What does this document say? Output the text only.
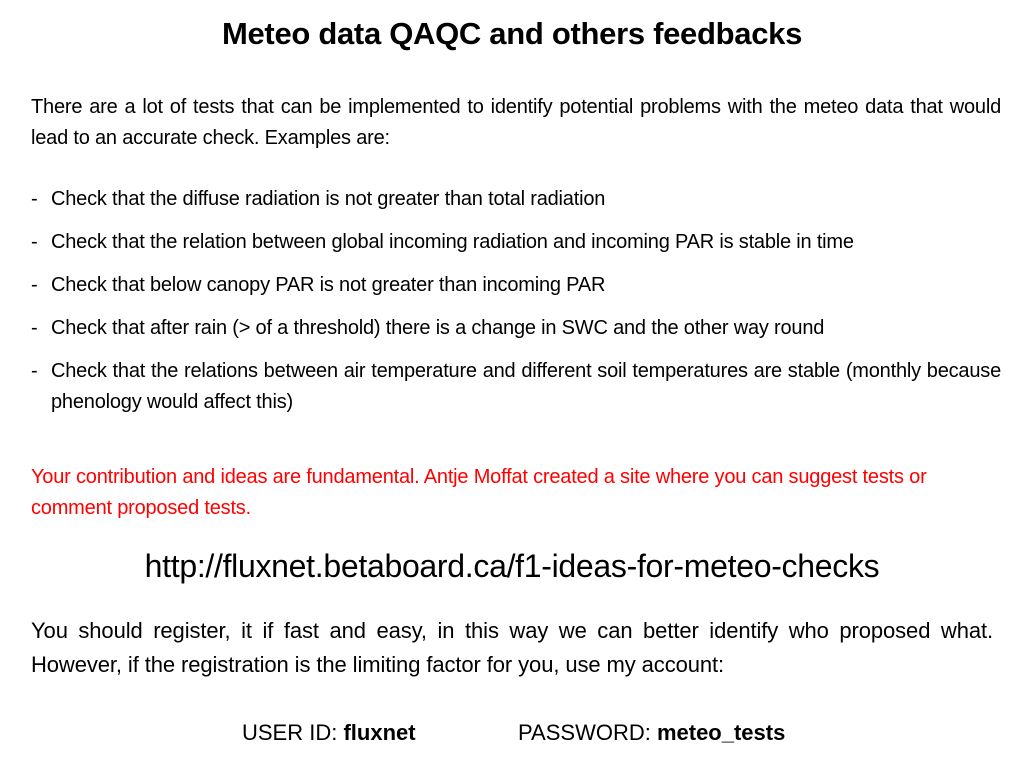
Meteo data QAQC and others feedbacks
There are a lot of tests that can be implemented to identify potential problems with the meteo data that would lead to an accurate check. Examples are:
- Check that the diffuse radiation is not greater than total radiation
- Check that the relation between global incoming radiation and incoming PAR is stable in time
- Check that below canopy PAR is not greater than incoming PAR
- Check that after rain (> of a threshold) there is a change in SWC and the other way round
- Check that the relations between air temperature and different soil temperatures are stable (monthly because phenology would affect this)
Your contribution and ideas are fundamental. Antje Moffat created a site where you can suggest tests or comment proposed tests.
http://fluxnet.betaboard.ca/f1-ideas-for-meteo-checks
You should register, it if fast and easy, in this way we can better identify who proposed what. However, if the registration is the limiting factor for you, use my account:
USER ID: fluxnet	PASSWORD: meteo_tests
